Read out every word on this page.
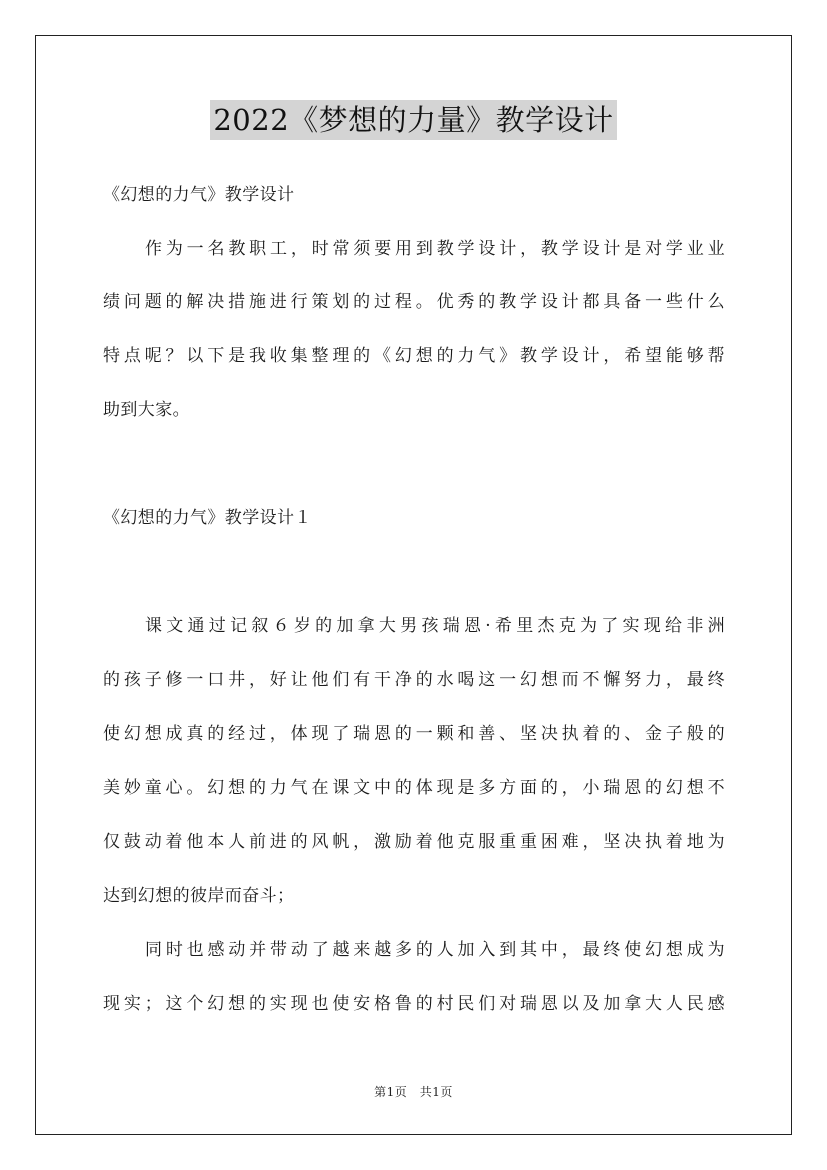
2022《梦想的力量》教学设计
《幻想的力气》教学设计
作为一名教职工，时常须要用到教学设计，教学设计是对学业业
绩问题的解决措施进行策划的过程。优秀的教学设计都具备一些什么
特点呢？以下是我收集整理的《幻想的力气》教学设计，希望能够帮
助到大家。
《幻想的力气》教学设计１
课文通过记叙６岁的加拿大男孩瑞恩·希里杰克为了实现给非洲
的孩子修一口井，好让他们有干净的水喝这一幻想而不懈努力，最终
使幻想成真的经过，体现了瑞恩的一颗和善、坚决执着的、金子般的
美妙童心。幻想的力气在课文中的体现是多方面的，小瑞恩的幻想不
仅鼓动着他本人前进的风帆，激励着他克服重重困难，坚决执着地为
达到幻想的彼岸而奋斗；
同时也感动并带动了越来越多的人加入到其中，最终使幻想成为
现实；这个幻想的实现也使安格鲁的村民们对瑞恩以及加拿大人民感
第1页　共1页
